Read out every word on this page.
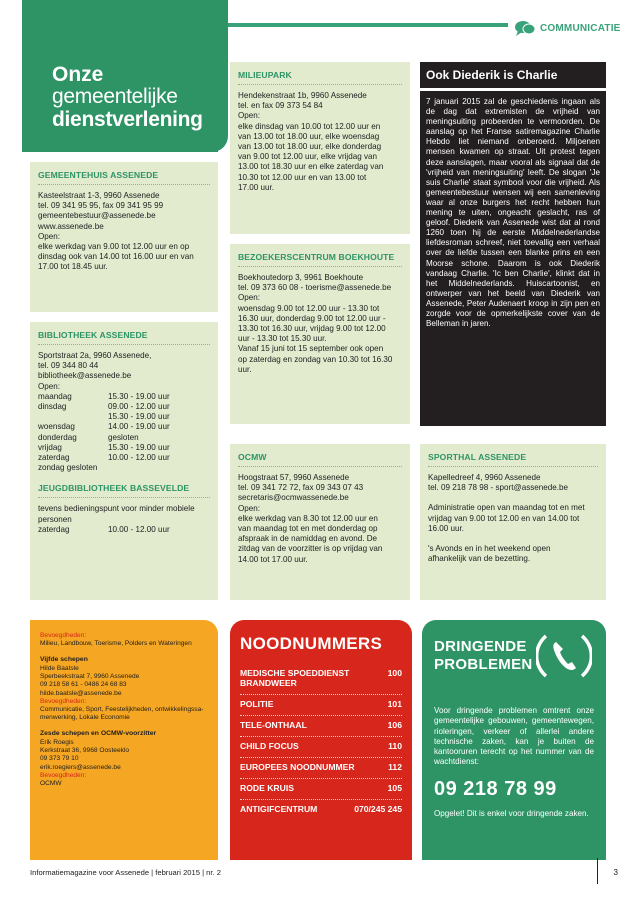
COMMUNICATIE
Onze
gemeentelijke
dienstverlening
GEMEENTEHUIS ASSENEDE
Kasteelstraat 1-3, 9960 Assenede
tel. 09 341 95 95, fax 09 341 95 99
gemeentebestuur@assenede.be
www.assenede.be
Open:
elke werkdag van 9.00 tot 12.00 uur en op
dinsdag ook van 14.00 tot 16.00 uur en van
17.00 tot 18.45 uur.
BIBLIOTHEEK ASSENEDE
Sportstraat 2a, 9960 Assenede,
tel. 09 344 80 44
bibliotheek@assenede.be
Open:
maandag	15.30 - 19.00 uur
dinsdag	09.00 - 12.00 uur
15.30 - 19.00 uur
woensdag	14.00 - 19.00 uur
donderdag	gesloten
vrijdag	15.30 - 19.00 uur
zaterdag	10.00 - 12.00 uur
zondag gesloten
JEUGDBIBLIOTHEEK BASSEVELDE
tevens bedieningspunt voor minder mobiele
personen
zaterdag	10.00 - 12.00 uur
MILIEUPARK
Hendekenstraat 1b, 9960 Assenede
tel. en fax 09 373 54 84
Open:
elke dinsdag van 10.00 tot 12.00 uur en
van 13.00 tot 18.00 uur, elke woensdag
van 13.00 tot 18.00 uur, elke donderdag
van 9.00 tot 12.00 uur, elke vrijdag van
13.00 tot 18.30 uur en elke zaterdag van
10.30 tot 12.00 uur en van 13.00 tot
17.00 uur.
BEZOEKERSCENTRUM BOEKHOUTE
Boekhoutedorp 3, 9961 Boekhoute
tel. 09 373 60 08 - toerisme@assenede.be
Open:
woensdag 9.00 tot 12.00 uur - 13.30 tot
16.30 uur, donderdag 9.00 tot 12.00 uur -
13.30 tot 16.30 uur, vrijdag 9.00 tot 12.00
uur - 13.30 tot 15.30 uur.
Vanaf 15 juni tot 15 september ook open
op zaterdag en zondag van 10.30 tot 16.30
uur.
OCMW
Hoogstraat 57, 9960 Assenede
tel. 09 341 72 72, fax 09 343 07 43
secretaris@ocmwassenede.be
Open:
elke werkdag van 8.30 tot 12.00 uur en
van maandag tot en met donderdag op
afspraak in de namiddag en avond. De
zitdag van de voorzitter is op vrijdag van
14.00 tot 17.00 uur.
Ook Diederik is Charlie
7 januari 2015 zal de geschiedenis ingaan als de dag dat extremisten de vrijheid van meningsuiting probeerden te vermoorden. De aanslag op het Franse satiremagazine Charlie Hebdo liet niemand onberoerd. Miljoenen mensen kwamen op straat. Uit protest tegen deze aanslagen, maar vooral als signaal dat de 'vrijheid van meningsuiting' leeft. De slogan 'Je suis Charlie' staat symbool voor die vrijheid. Als gemeentebestuur wensen wij een samenleving waar al onze burgers het recht hebben hun mening te uiten, ongeacht geslacht, ras of geloof. Diederik van Assenede wist dat al rond 1260 toen hij de eerste Middelnederlandse liefdesroman schreef, niet toevallig een verhaal over de liefde tussen een blanke prins en een Moorse schone. Daarom is ook Diederik vandaag Charlie. 'Ic ben Charlie', klinkt dat in het Middelnederlands. Huiscartoonist, en ontwerper van het beeld van Diederik van Assenede, Peter Audenaert kroop in zijn pen en zorgde voor de opmerkelijkste cover van de Belleman in jaren.
SPORTHAL ASSENEDE
Kapelledreef 4, 9960 Assenede
tel. 09 218 78 98 - sport@assenede.be
Administratie open van maandag tot en met
vrijdag van 9.00 tot 12.00 en van 14.00 tot
16.00 uur.
's Avonds en in het weekend open
afhankelijk van de bezetting.
Bevoegdheden:
Milieu, Landbouw, Toerisme, Polders en Wateringen
Vijfde schepen
Hilde Baatsle
Sperbeekstraat 7, 9960 Assenede
09 218 58 61 - 0486 24 68 83
hilde.baatsle@assenede.be
Bevoegdheden:
Communicatie, Sport, Feestelijkheden, ontwikkelingssa-
menwerking, Lokale Economie
Zesde schepen en OCMW-voorzitter
Erik Roegis
Kerkstraat 36, 9968 Oosteeklo
09 373 79 10
erik.roegiers@assenede.be
Bevoegdheden:
OCMW
NOODNUMMERS
MEDISCHE SPOEDDIENST BRANDWEER
100
POLITIE	101
TELE-ONTHAAL	106
CHILD FOCUS	110
EUROPEES NOODNUMMER	112
RODE KRUIS	105
ANTIGIFCENTRUM	070/245 245
DRINGENDE
PROBLEMEN
Voor dringende problemen omtrent onze gemeentelijke gebouwen, gemeentewegen, rioleringen, verkeer of allerlei andere technische zaken, kan je buiten de kantooruren terecht op het nummer van de wachtdienst:
09 218 78 99
Opgelet! Dit is enkel voor dringende zaken.
Informatiemagazine voor Assenede | februari 2015 | nr. 2	3
